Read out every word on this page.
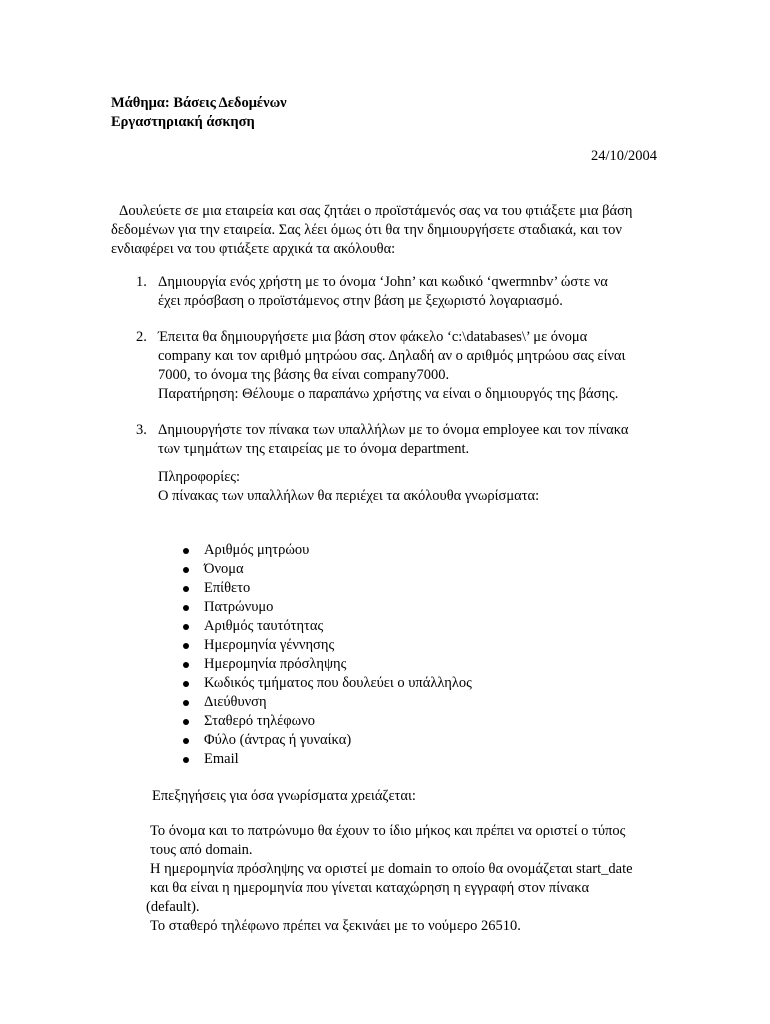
Μάθημα: Βάσεις Δεδομένων
Εργαστηριακή άσκηση
24/10/2004

Δουλεύετε σε μια εταιρεία και σας ζητάει ο προϊστάμενός σας να του φτιάξετε μια βάση δεδομένων για την εταιρεία. Σας λέει όμως ότι θα την δημιουργήσετε σταδιακά, και τον ενδιαφέρει να του φτιάξετε αρχικά τα ακόλουθα:

1. Δημιουργία ενός χρήστη με το όνομα ‘John’ και κωδικό ‘qwermnbv’ ώστε να
έχει πρόσβαση ο προϊστάμενος στην βάση με ξεχωριστό λογαριασμό.
2. Έπειτα θα δημιουργήσετε μια βάση στον φάκελο ‘c:\databases\’ με όνομα
company και τον αριθμό μητρώου σας. Δηλαδή αν ο αριθμός μητρώου σας είναι
7000, το όνομα της βάσης θα είναι company7000.
Παρατήρηση: Θέλουμε ο παραπάνω χρήστης να είναι ο δημιουργός της βάσης.
3. Δημιουργήστε τον πίνακα των υπαλλήλων με το όνομα employee και τον πίνακα
των τμημάτων της εταιρείας με το όνομα department.
Πληροφορίες:
Ο πίνακας των υπαλλήλων θα περιέχει τα ακόλουθα γνωρίσματα:
Αριθμός μητρώου
Όνομα
Επίθετο
Πατρώνυμο
Αριθμός ταυτότητας
Ημερομηνία γέννησης
Ημερομηνία πρόσληψης
Κωδικός τμήματος που δουλεύει ο υπάλληλος
Διεύθυνση
Σταθερό τηλέφωνο
Φύλο (άντρας ή γυναίκα)
Email
Επεξηγήσεις για όσα γνωρίσματα χρειάζεται:
Το όνομα και το πατρώνυμο θα έχουν το ίδιο μήκος και πρέπει να οριστεί ο τύπος
τους από domain.
Η ημερομηνία πρόσληψης να οριστεί με domain το οποίο θα ονομάζεται start_date
και θα είναι η ημερομηνία που γίνεται καταχώρηση η εγγραφή στον πίνακα
(default).
Το σταθερό τηλέφωνο πρέπει να ξεκινάει με το νούμερο 26510.
